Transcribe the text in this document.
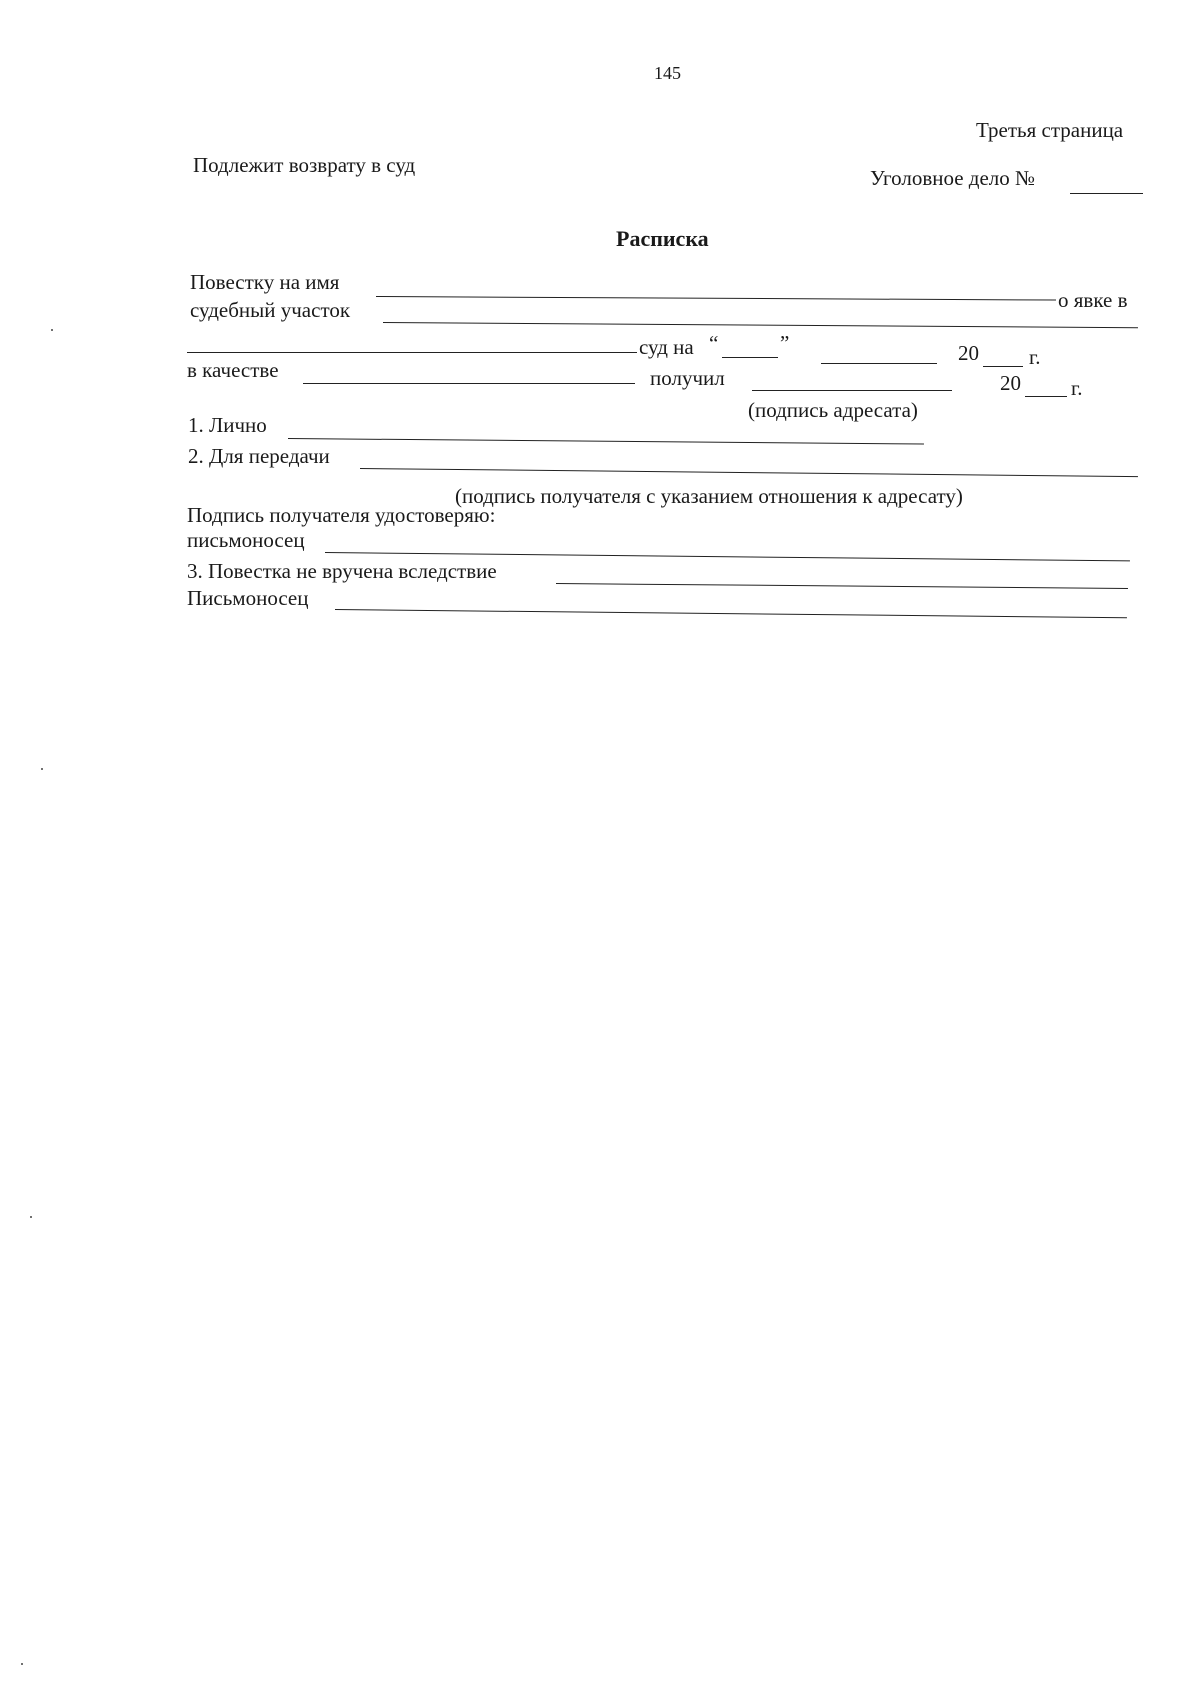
145
Третья страница
Подлежит возврату в суд
Уголовное дело №
Расписка
Повестку на имя
о явке в
судебный участок
суд на “	”	20 г.
в качестве	получил	20 г.
(подпись адресата)
1. Лично
2. Для передачи
(подпись получателя с указанием отношения к адресату)
Подпись получателя удостоверяю:
письмоносец
3. Повестка не вручена вследствие
Письмоносец
